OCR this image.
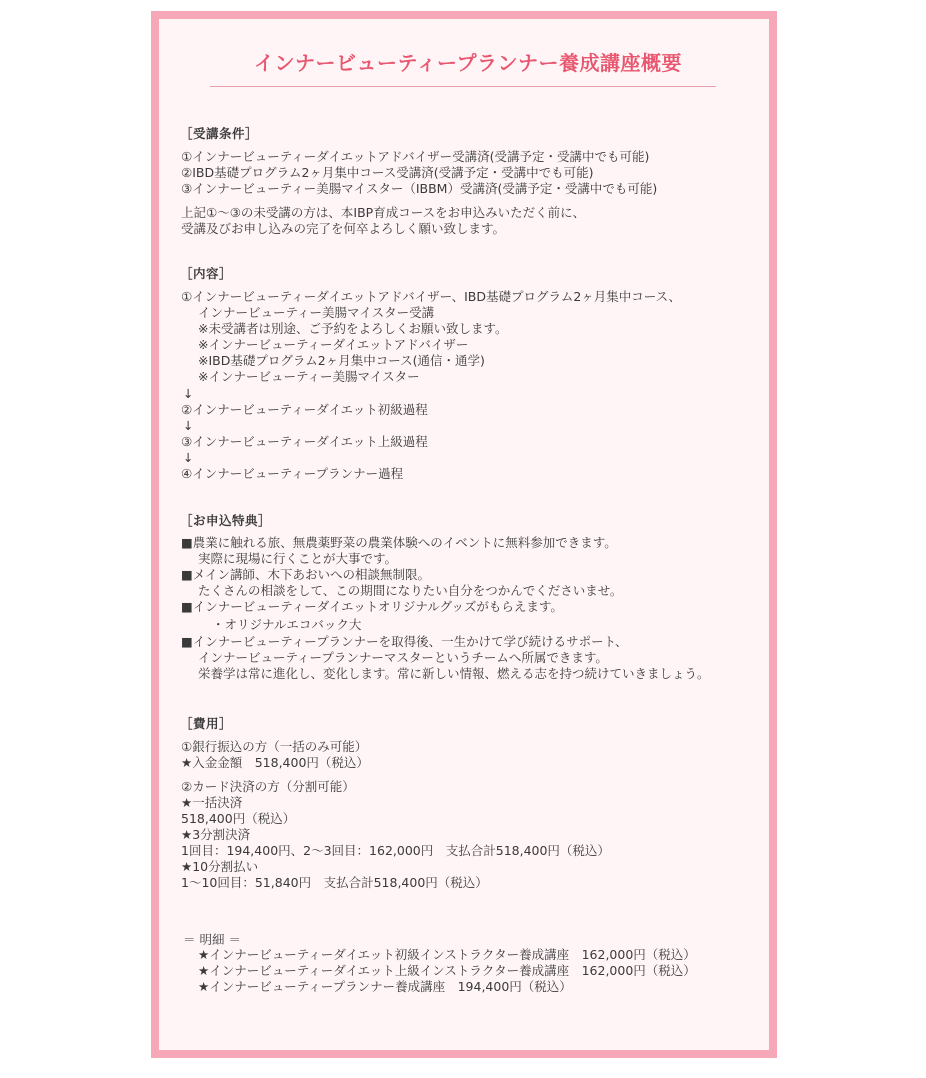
インナービューティープランナー養成講座概要
［受講条件］
①インナービューティーダイエットアドバイザー受講済(受講予定・受講中でも可能)
②IBD基礎プログラム2ヶ月集中コース受講済(受講予定・受講中でも可能)
③インナービューティー美腸マイスター（IBBM）受講済(受講予定・受講中でも可能)
上記①～③の未受講の方は、本IBP育成コースをお申込みいただく前に、
受講及びお申し込みの完了を何卒よろしく願い致します。
［内容］
①インナービューティーダイエットアドバイザー、IBD基礎プログラム2ヶ月集中コース、
インナービューティー美腸マイスター受講
※未受講者は別途、ご予約をよろしくお願い致します。
※インナービューティーダイエットアドバイザー
※IBD基礎プログラム2ヶ月集中コース(通信・通学)
※インナービューティー美腸マイスター
↓
②インナービューティーダイエット初級過程
↓
③インナービューティーダイエット上級過程
↓
④インナービューティープランナー過程
［お申込特典］
■農業に触れる旅、無農薬野菜の農業体験へのイベントに無料参加できます。
実際に現場に行くことが大事です。
■メイン講師、木下あおいへの相談無制限。
たくさんの相談をして、この期間になりたい自分をつかんでくださいませ。
■インナービューティーダイエットオリジナルグッズがもらえます。
・オリジナルエコバック大
■インナービューティープランナーを取得後、一生かけて学び続けるサポート、
インナービューティープランナーマスターというチームへ所属できます。
栄養学は常に進化し、変化します。常に新しい情報、燃える志を持つ続けていきましょう。
［費用］
①銀行振込の方（一括のみ可能）
★入金金額　518,400円（税込）
②カード決済の方（分割可能）
★一括決済
518,400円（税込）
★3分割決済
1回目：194,400円、2～3回目：162,000円　支払合計518,400円（税込）
★10分割払い
1～10回目：51,840円　支払合計518,400円（税込）
＝ 明細 ＝
★インナービューティーダイエット初級インストラクター養成講座　162,000円（税込）
★インナービューティーダイエット上級インストラクター養成講座　162,000円（税込）
★インナービューティープランナー養成講座　194,400円（税込）
